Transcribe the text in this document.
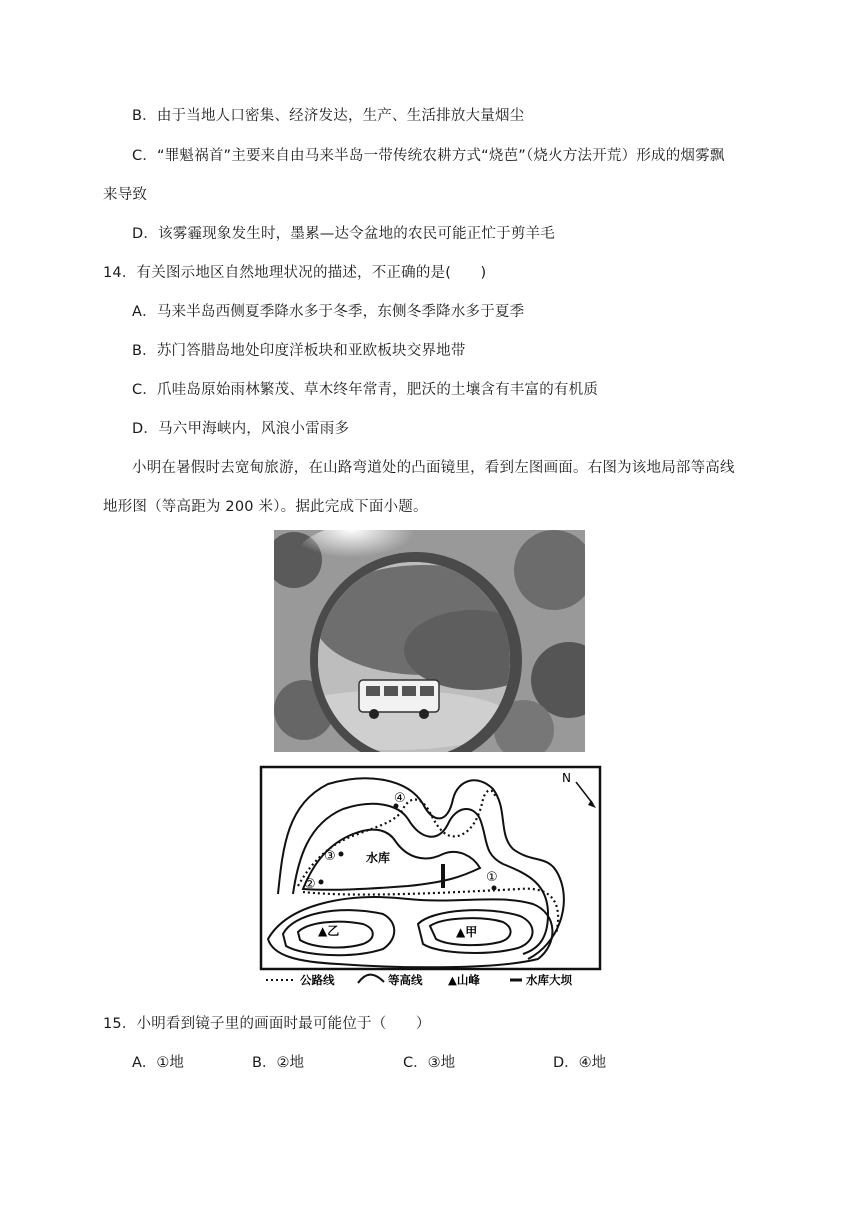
B．由于当地人口密集、经济发达，生产、生活排放大量烟尘
C．“罪魁祸首”主要来自由马来半岛一带传统农耕方式“烧芭”（烧火方法开荒）形成的烟雾飘
来导致
D．该雾霾现象发生时，墨累—达令盆地的农民可能正忙于剪羊毛
14．有关图示地区自然地理状况的描述，不正确的是(　　)
A．马来半岛西侧夏季降水多于冬季，东侧冬季降水多于夏季
B．苏门答腊岛地处印度洋板块和亚欧板块交界地带
C．爪哇岛原始雨林繁茂、草木终年常青，肥沃的土壤含有丰富的有机质
D．马六甲海峡内，风浪小雷雨多
小明在暑假时去宽甸旅游，在山路弯道处的凸面镜里，看到左图画面。右图为该地局部等高线
地形图（等高距为 200 米）。据此完成下面小题。
N
水库
▲甲
▲乙
①
②
③
④
公路线	等高线 ▲山峰	水库大坝
15．小明看到镜子里的画面时最可能位于（　　）
A．①地	B．②地	C．③地	D．④地
